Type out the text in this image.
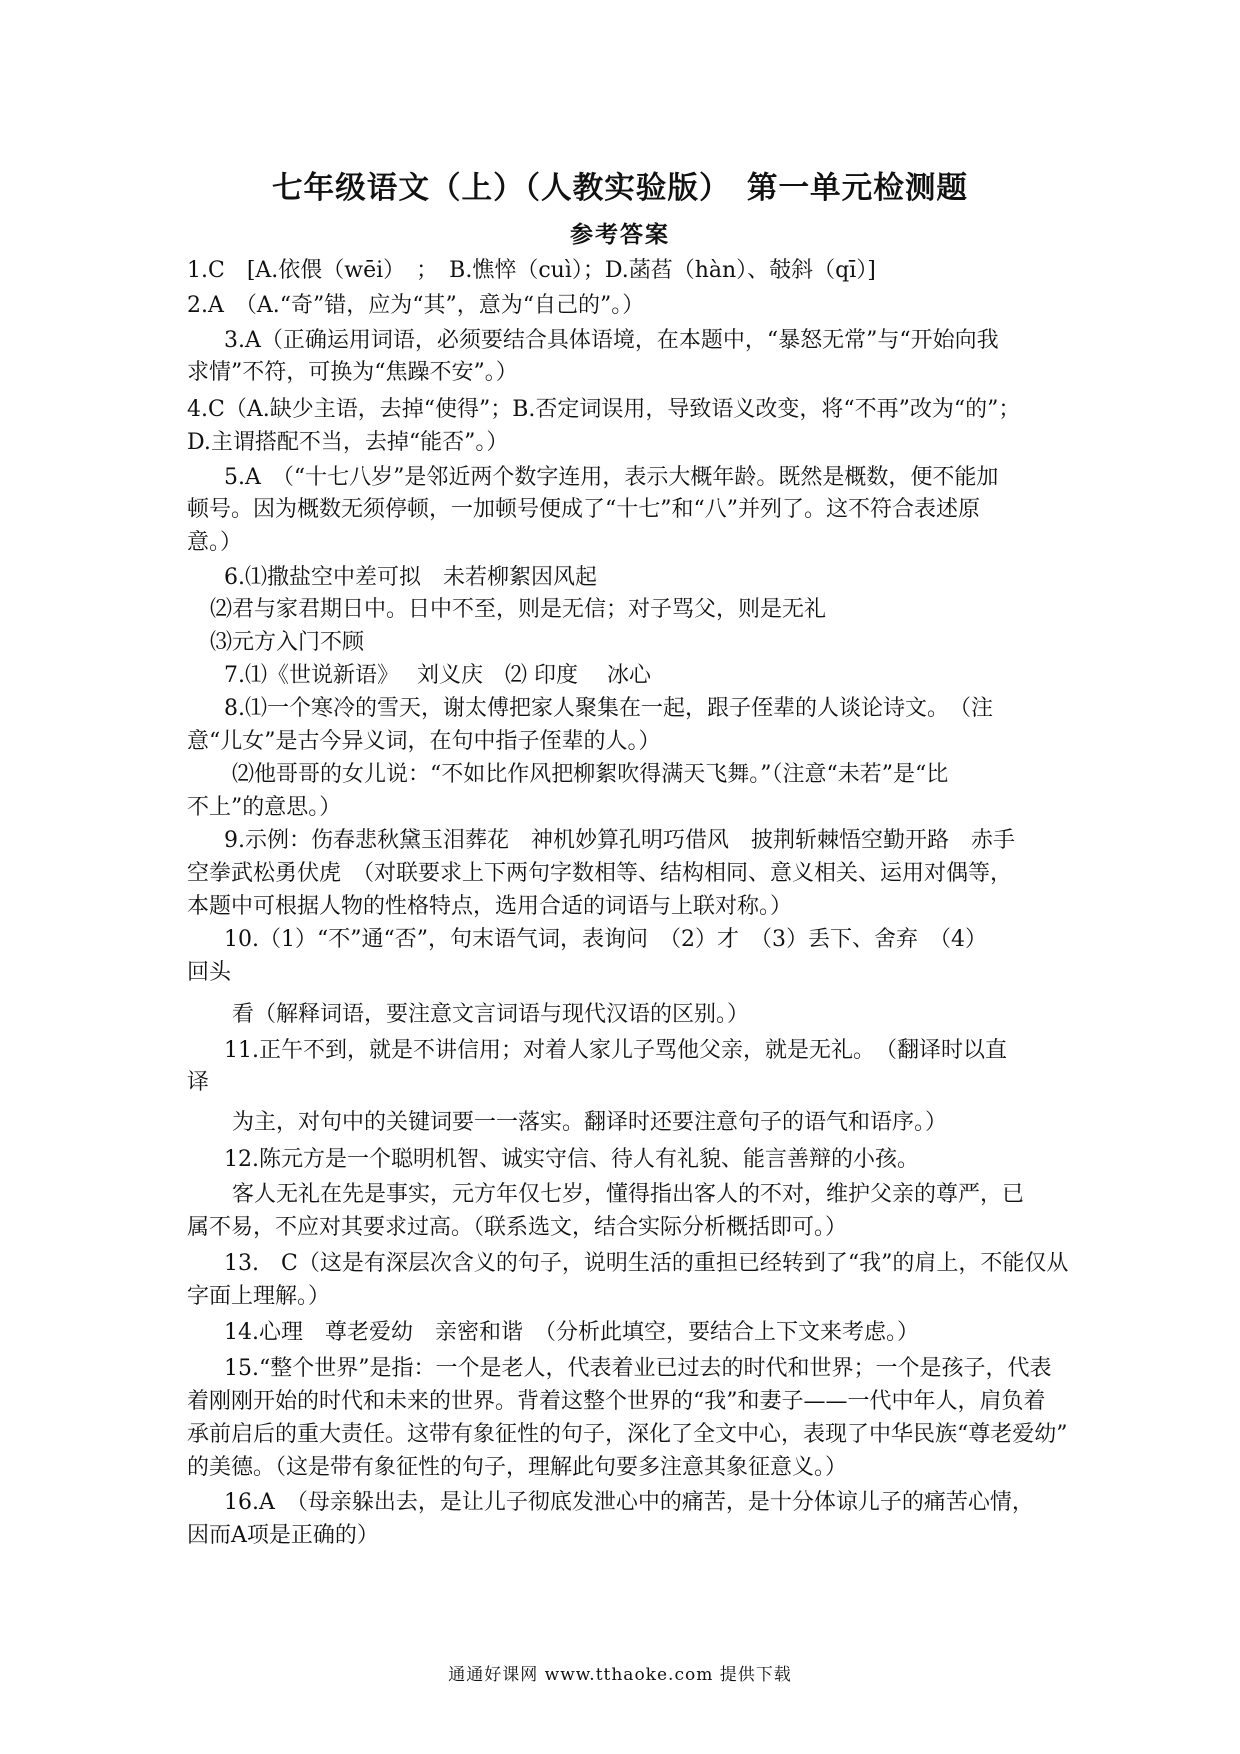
七年级语文（上）（人教实验版）　第一单元检测题
参考答案
1.C　[A.依偎（wēi）　；　B.憔悴（cuì）；D.菡萏（hàn）、攲斜（qī）]
2.A　（A.“奇”错，应为“其”，意为“自己的”。）
3.A（正确运用词语，必须要结合具体语境，在本题中，“暴怒无常”与“开始向我
求情”不符，可换为“焦躁不安”。）
4.C（A.缺少主语，去掉“使得”；B.否定词误用，导致语义改变，将“不再”改为“的”；
D.主谓搭配不当，去掉“能否”。）
5.A　（“十七八岁”是邻近两个数字连用，表示大概年龄。既然是概数，便不能加
顿号。因为概数无须停顿，一加顿号便成了“十七”和“八”并列了。这不符合表述原
意。）
6.⑴撒盐空中差可拟　未若柳絮因风起
⑵君与家君期日中。日中不至，则是无信；对子骂父，则是无礼
⑶元方入门不顾
7.⑴《世说新语》　 刘义庆　⑵ 印度　 冰心
8.⑴一个寒冷的雪天，谢太傅把家人聚集在一起，跟子侄辈的人谈论诗文。　（注
意“儿女”是古今异义词，在句中指子侄辈的人。）
⑵他哥哥的女儿说：“不如比作风把柳絮吹得满天飞舞。”（注意“未若”是“比
不上”的意思。）
9.示例：伤春悲秋黛玉泪葬花　神机妙算孔明巧借风　披荆斩棘悟空勤开路　赤手
空拳武松勇伏虎　（对联要求上下两句字数相等、结构相同、意义相关、运用对偶等，
本题中可根据人物的性格特点，选用合适的词语与上联对称。）
10.（1）“不”通“否”，句末语气词，表询问　（2）才　（3）丢下、舍弃　（4）
回头
看（解释词语，要注意文言词语与现代汉语的区别。）
11.正午不到，就是不讲信用；对着人家儿子骂他父亲，就是无礼。　（翻译时以直
译
为主，对句中的关键词要一一落实。翻译时还要注意句子的语气和语序。）
12.陈元方是一个聪明机智、诚实守信、待人有礼貌、能言善辩的小孩。
客人无礼在先是事实，元方年仅七岁，懂得指出客人的不对，维护父亲的尊严，已
属不易，不应对其要求过高。（联系选文，结合实际分析概括即可。）
13.　C（这是有深层次含义的句子，说明生活的重担已经转到了“我”的肩上，不能仅从
字面上理解。）
14.心理　尊老爱幼　亲密和谐　（分析此填空，要结合上下文来考虑。）
15.“整个世界”是指：一个是老人，代表着业已过去的时代和世界；一个是孩子，代表
着刚刚开始的时代和未来的世界。背着这整个世界的“我”和妻子——一代中年人，肩负着
承前启后的重大责任。这带有象征性的句子，深化了全文中心，表现了中华民族“尊老爱幼”
的美德。（这是带有象征性的句子，理解此句要多注意其象征意义。）
16.A　（母亲躲出去，是让儿子彻底发泄心中的痛苦，是十分体谅儿子的痛苦心情，
因而A项是正确的）
通通好课网 www.tthaoke.com 提供下载
